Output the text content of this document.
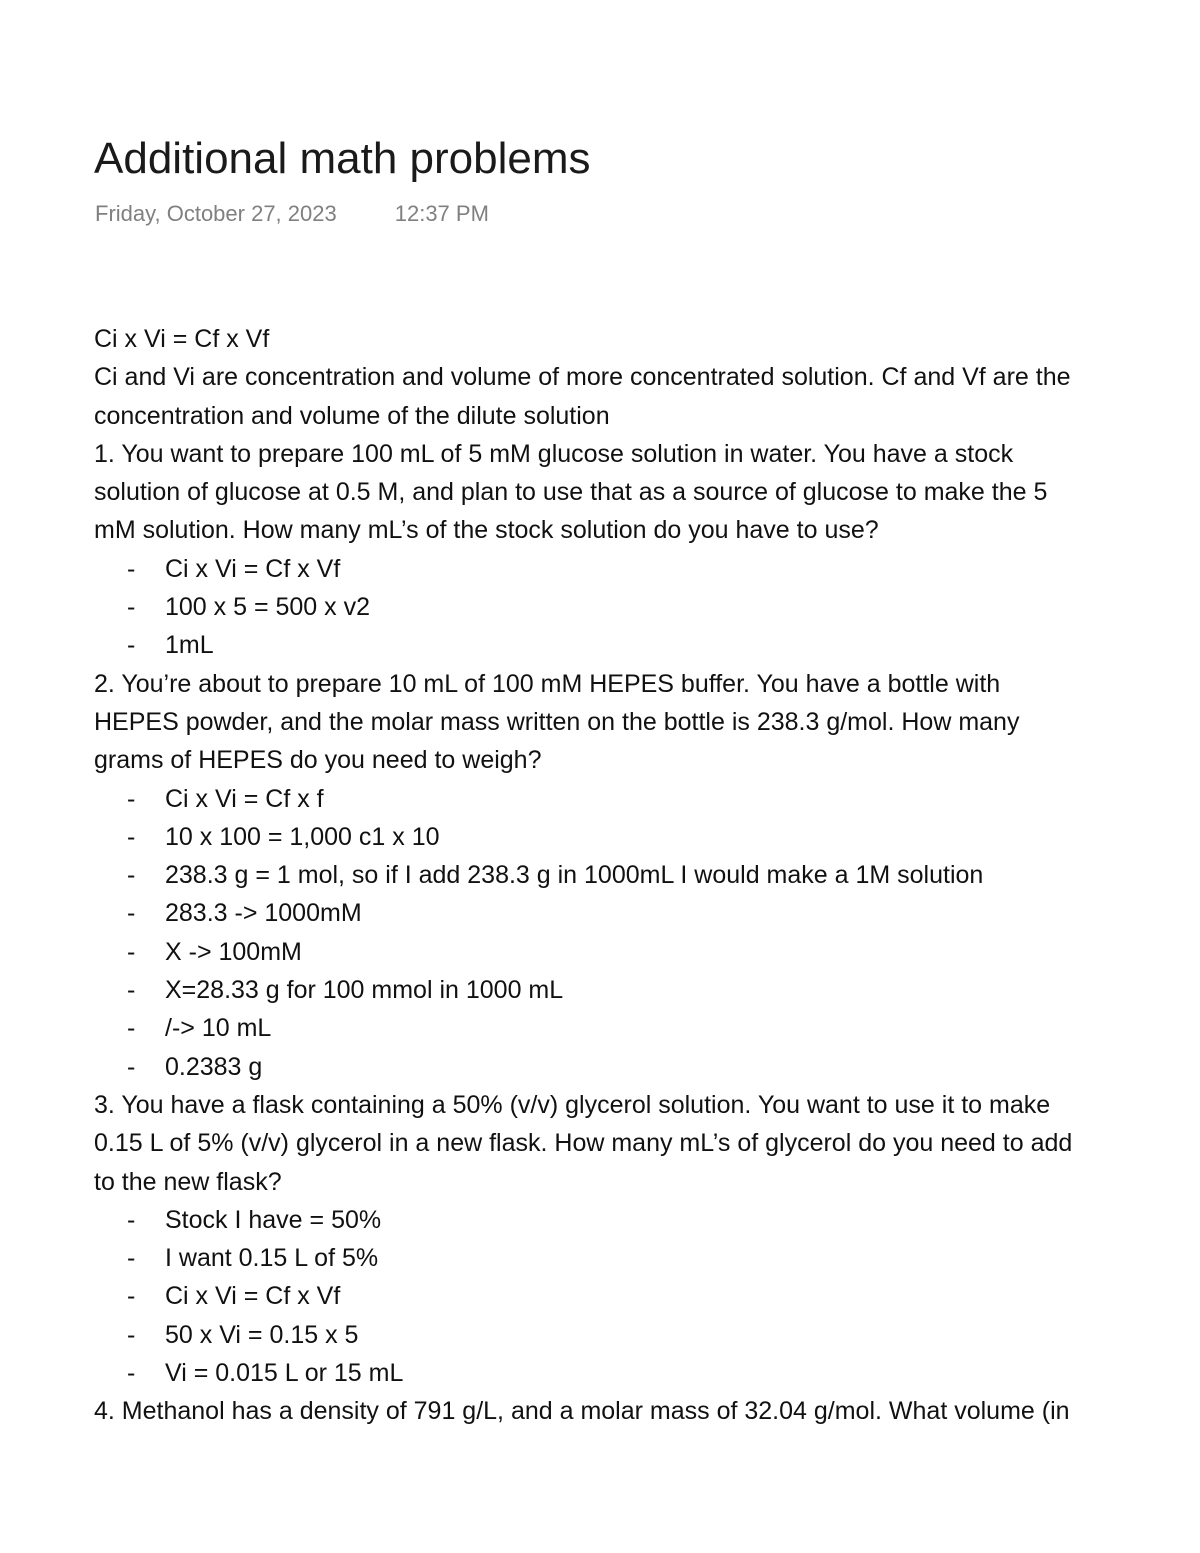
Additional math problems
Friday, October 27, 2023	12:37 PM
Ci x Vi = Cf x Vf
Ci and Vi are concentration and volume of more concentrated solution. Cf and Vf are the
concentration and volume of the dilute solution
1. You want to prepare 100 mL of 5 mM glucose solution in water. You have a stock
solution of glucose at 0.5 M, and plan to use that as a source of glucose to make the 5
mM solution. How many mL’s of the stock solution do you have to use?
- Ci x Vi = Cf x Vf
- 100 x 5 = 500 x v2
- 1mL
2. You’re about to prepare 10 mL of 100 mM HEPES buffer. You have a bottle with
HEPES powder, and the molar mass written on the bottle is 238.3 g/mol. How many
grams of HEPES do you need to weigh?
- Ci x Vi = Cf x f
- 10 x 100 = 1,000 c1 x 10
- 238.3 g = 1 mol, so if I add 238.3 g in 1000mL I would make a 1M solution
- 283.3 -> 1000mM
- X -> 100mM
- X=28.33 g for 100 mmol in 1000 mL
- /-> 10 mL
- 0.2383 g
3. You have a flask containing a 50% (v/v) glycerol solution. You want to use it to make
0.15 L of 5% (v/v) glycerol in a new flask. How many mL’s of glycerol do you need to add
to the new flask?
- Stock I have = 50%
- I want 0.15 L of 5%
- Ci x Vi = Cf x Vf
- 50 x Vi = 0.15 x 5
- Vi = 0.015 L or 15 mL
4. Methanol has a density of 791 g/L, and a molar mass of 32.04 g/mol. What volume (in
